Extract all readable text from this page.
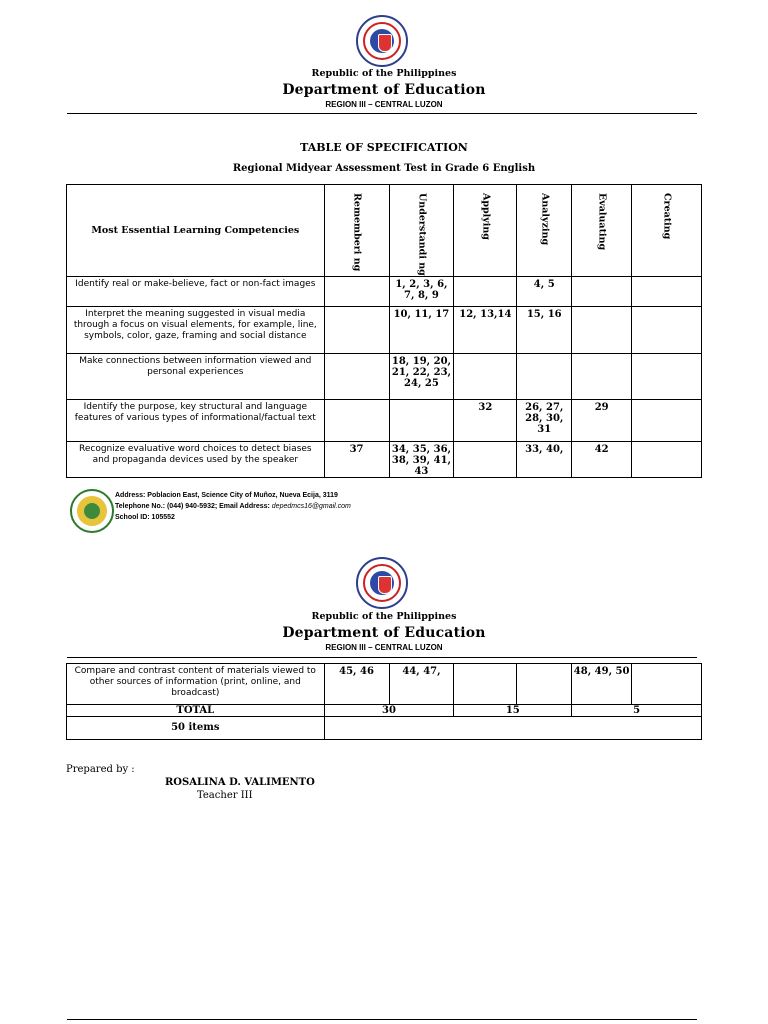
Republic of the Philippines
Department of Education
REGION III – CENTRAL LUZON
TABLE OF SPECIFICATION
Regional Midyear Assessment Test in Grade 6 English
Most Essential Learning Competencies	Rememberi ng	Understandi ng	Applying	Analyzing	Evaluating	Creating

Identify real or make-believe, fact or non-fact images		1, 2, 3, 6, 7, 8, 9		4, 5		
Interpret the meaning suggested in visual media through a focus on visual elements, for example, line, symbols, color, gaze, framing and social distance		10, 11, 17	12, 13,14	15, 16		
Make connections between information viewed and personal experiences		18, 19, 20, 21, 22, 23, 24, 25				
Identify the purpose, key structural and language features of various types of informational/factual text			32	26, 27, 28, 30, 31	29	
Recognize evaluative word choices to detect biases and propaganda devices used by the speaker	37	34, 35, 36, 38, 39, 41, 43		33, 40,	42	
Address: Poblacion East, Science City of Muñoz, Nueva Ecija, 3119
Telephone No.: (044) 940-5932; Email Address: depedmcs16@gmail.com
School ID: 105552
Republic of the Philippines
Department of Education
REGION III – CENTRAL LUZON
Compare and contrast content of materials viewed to other sources of information (print, online, and broadcast)	45, 46	44, 47,			48, 49, 50	
TOTAL	30		15		5	
50 items						
Prepared by :
ROSALINA D. VALIMENTO
Teacher III
